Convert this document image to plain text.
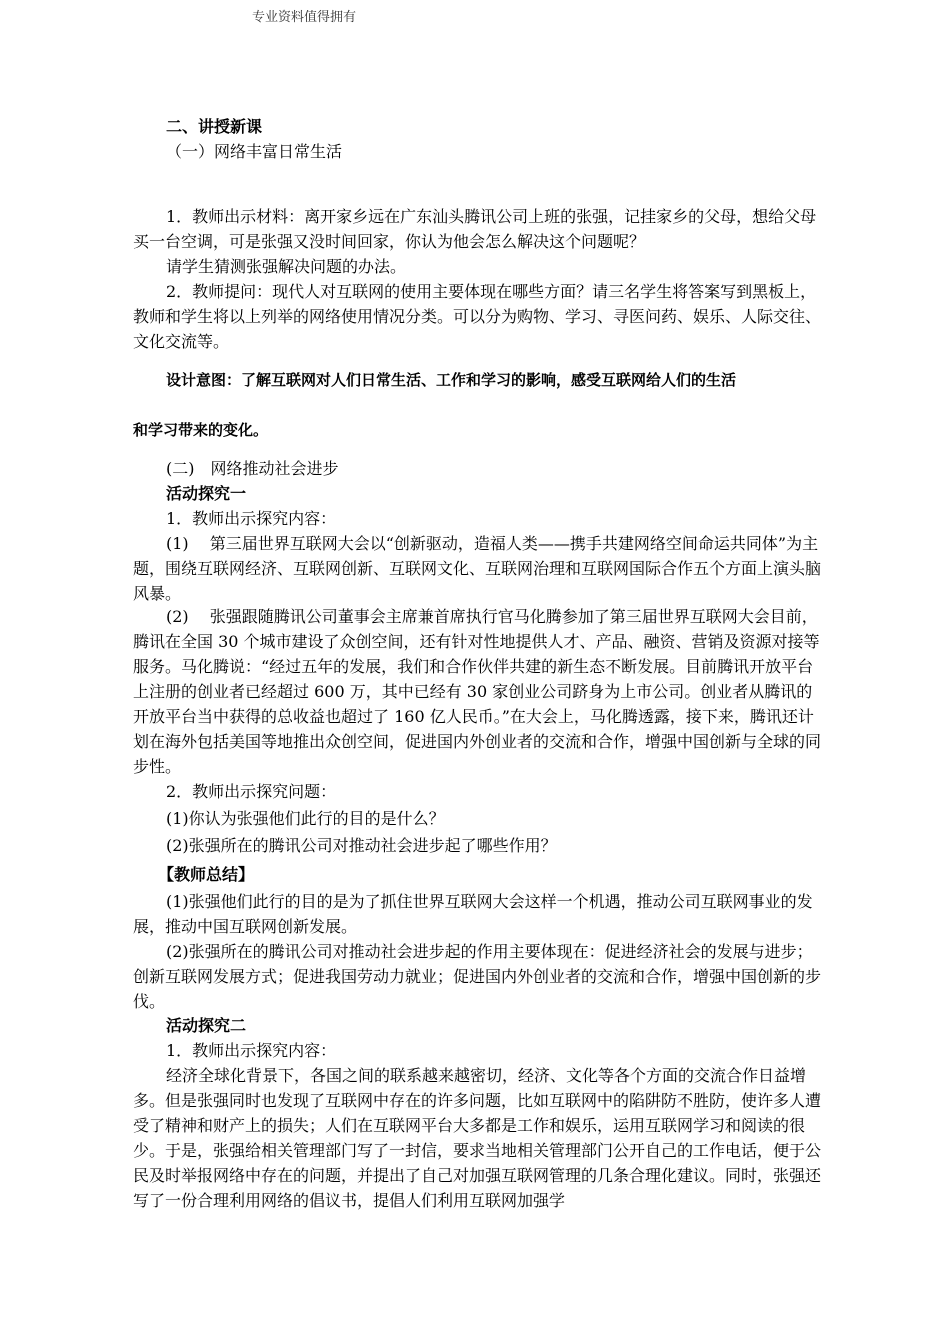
专业资料值得拥有

二、讲授新课

（一）网络丰富日常生活

1．教师出示材料：离开家乡远在广东汕头腾讯公司上班的张强，记挂家乡的父母，想给父母买一台空调，可是张强又没时间回家，你认为他会怎么解决这个问题呢？

请学生猜测张强解决问题的办法。

2．教师提问：现代人对互联网的使用主要体现在哪些方面？请三名学生将答案写到黑板上，教师和学生将以上列举的网络使用情况分类。可以分为购物、学习、寻医问药、娱乐、人际交往、文化交流等。

设计意图：了解互联网对人们日常生活、工作和学习的影响，感受互联网给人们的生活

和学习带来的变化。

(二)　网络推动社会进步

活动探究一

1．教师出示探究内容：

(1)　 第三届世界互联网大会以“创新驱动，造福人类——携手共建网络空间命运共同体”为主题，围绕互联网经济、互联网创新、互联网文化、互联网治理和互联网国际合作五个方面上演头脑风暴。

(2)　 张强跟随腾讯公司董事会主席兼首席执行官马化腾参加了第三届世界互联网大会目前，腾讯在全国 30 个城市建设了众创空间，还有针对性地提供人才、产品、融资、营销及资源对接等服务。马化腾说：“经过五年的发展，我们和合作伙伴共建的新生态不断发展。目前腾讯开放平台上注册的创业者已经超过 600 万，其中已经有 30 家创业公司跻身为上市公司。创业者从腾讯的开放平台当中获得的总收益也超过了 160 亿人民币。”在大会上，马化腾透露，接下来，腾讯还计划在海外包括美国等地推出众创空间，促进国内外创业者的交流和合作，增强中国创新与全球的同步性。

2．教师出示探究问题：

(1)你认为张强他们此行的目的是什么？

(2)张强所在的腾讯公司对推动社会进步起了哪些作用？

【教师总结】

(1)张强他们此行的目的是为了抓住世界互联网大会这样一个机遇，推动公司互联网事业的发展，推动中国互联网创新发展。

(2)张强所在的腾讯公司对推动社会进步起的作用主要体现在：促进经济社会的发展与进步；创新互联网发展方式；促进我国劳动力就业；促进国内外创业者的交流和合作，增强中国创新的步伐。

活动探究二

1．教师出示探究内容：

经济全球化背景下，各国之间的联系越来越密切，经济、文化等各个方面的交流合作日益增多。但是张强同时也发现了互联网中存在的许多问题，比如互联网中的陷阱防不胜防，使许多人遭受了精神和财产上的损失；人们在互联网平台大多都是工作和娱乐，运用互联网学习和阅读的很少。于是，张强给相关管理部门写了一封信，要求当地相关管理部门公开自己的工作电话，便于公民及时举报网络中存在的问题，并提出了自己对加强互联网管理的几条合理化建议。同时，张强还写了一份合理利用网络的倡议书，提倡人们利用互联网加强学
